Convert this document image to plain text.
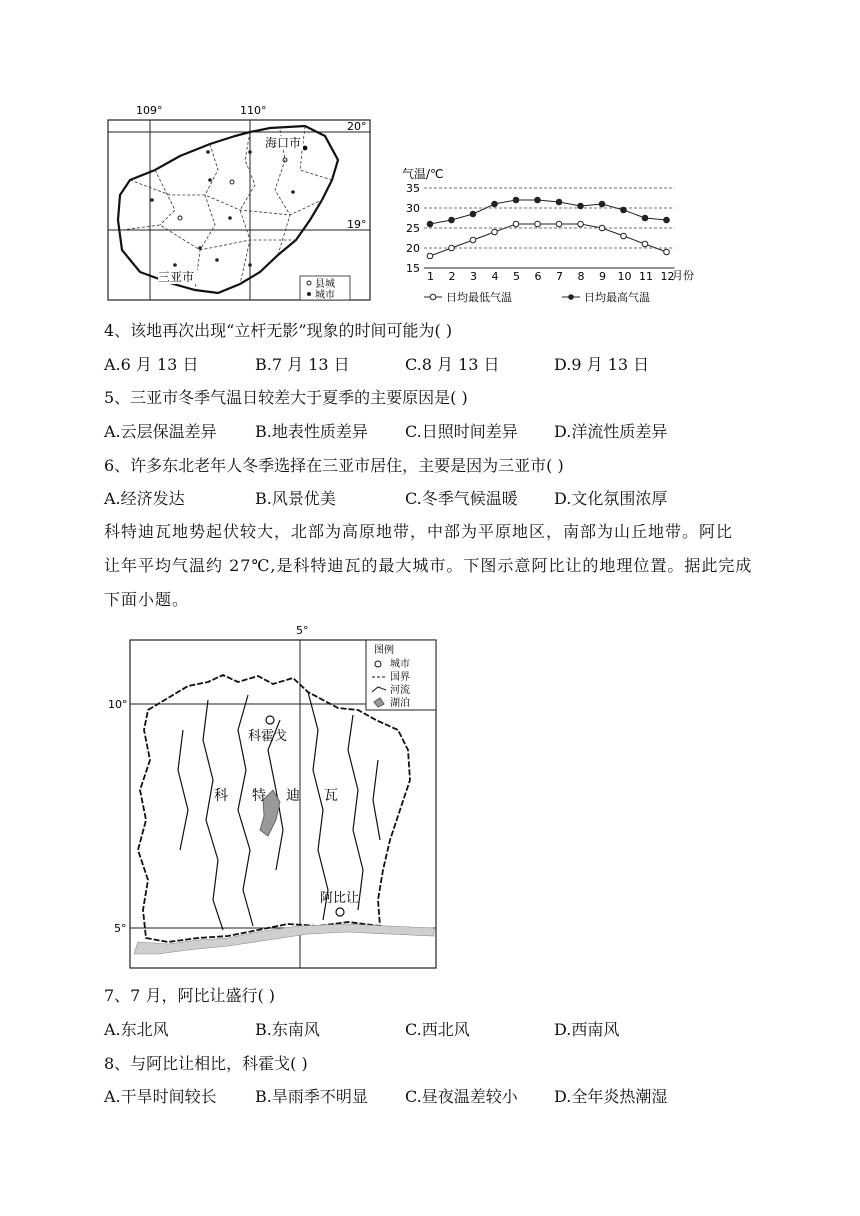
109°	110°
20°
19°
海口市
三亚市
县城
城市
气温/℃
15
20
25
30
35
1 2 3 4 5 6 7 8 9 10 11 12
月份
日均最低气温	日均最高气温
4、该地再次出现“立杆无影”现象的时间可能为( )
A.6 月 13 日	B.7 月 13 日	C.8 月 13 日	D.9 月 13 日
5、三亚市冬季气温日较差大于夏季的主要原因是( )
A.云层保温差异 B.地表性质差异 C.日照时间差异 D.洋流性质差异
6、许多东北老年人冬季选择在三亚市居住，主要是因为三亚市( )
A.经济发达	B.风景优美	C.冬季气候温暖 D.文化氛围浓厚
科特迪瓦地势起伏较大，北部为高原地带，中部为平原地区，南部为山丘地带。阿比
让年平均气温约 27℃,是科特迪瓦的最大城市。下图示意阿比让的地理位置。据此完成
下面小题。
5°
10°
5°
科霍戈
阿比让
科 特 迪 瓦
图例
城市
国界
河流
湖泊
7、7 月，阿比让盛行( )
A.东北风	B.东南风	C.西北风	D.西南风
8、与阿比让相比，科霍戈( )
A.干旱时间较长 B.旱雨季不明显 C.昼夜温差较小 D.全年炎热潮湿
